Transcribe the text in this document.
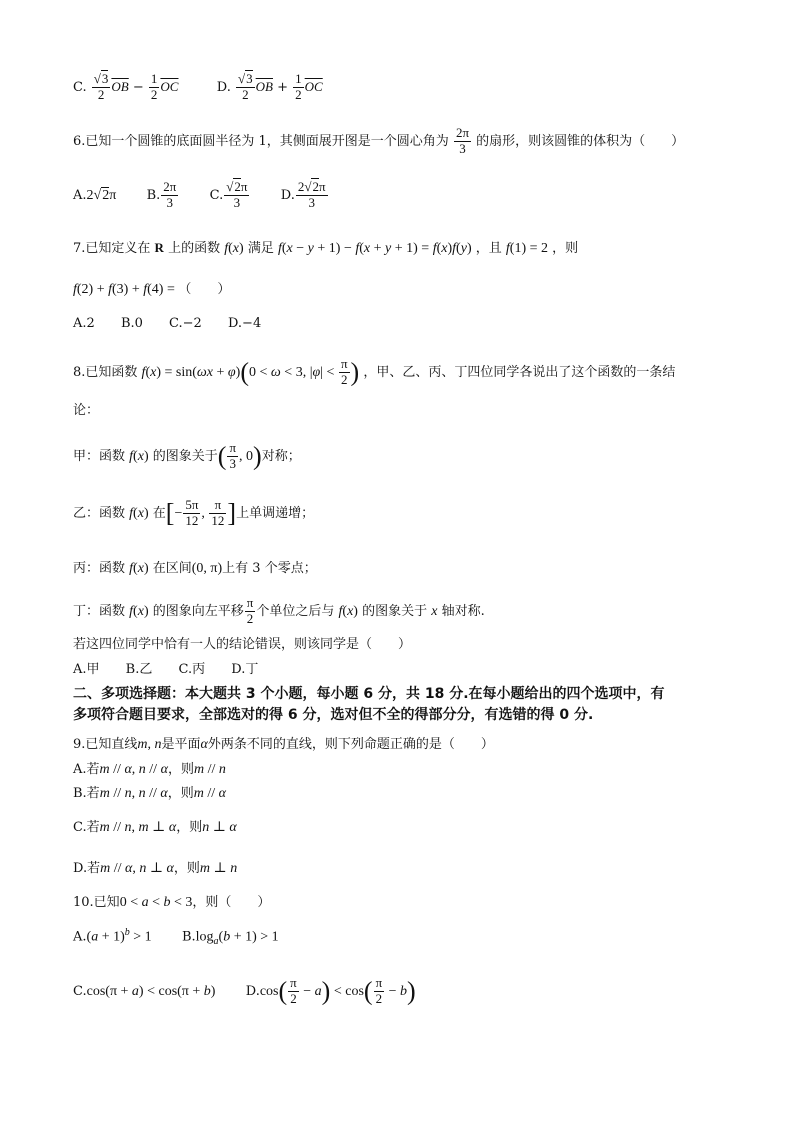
C. $\frac{√3}{2} \overline{OB} - \frac{1}{2} \overline{OC}$	D. $\frac{√3}{2} \overline{OB} + \frac{1}{2} \overline{OC}$
6.已知一个圆锥的底面圆半径为 1，其侧面展开图是一个圆心角为 $\frac{2\pi}{3}$ 的扇形，则该圆锥的体积为（　　）
A.2√2π B. $\frac{2\pi}{3} C$. $\frac{√2\pi}{3} D$. $\frac{2√2\pi}{3}$
7.已知定义在 R 上的函数 f(x) 满足 f(x − y + 1) − f(x + y + 1) = f(x)f(y) ，且 f(1) = 2 ，则
f(2) + f(3) + f(4) = （　　）
A.2 B.0 C.−2 D.−4
8.已知函数 f(x) = sin(ωx + φ)(0 < ω < 3, $|\varphi| < \frac{\pi}{2}$ ) ，甲、乙、丙、丁四位同学各说出了这个函数的一条结
论：
甲：函数 f(x) 的图象关于( $\frac{\pi}{3}$ , 0)对称；
乙：函数 f(x) 在[− $\frac{5\pi}{12}$ , $\frac{\pi}{12}$ ]上单调递增；
丙：函数 f(x) 在区间(0, π)上有 3 个零点；
丁：函数 f(x) 的图象向左平移 $\frac{\pi}{2}$ 个单位之后与 f(x) 的图象关于 x 轴对称.
若这四位同学中恰有一人的结论错误，则该同学是（　　）
A.甲 B.乙 C.丙 D.丁
二、多项选择题：本大题共 3 个小题，每小题 6 分，共 18 分.在每小题给出的四个选项中，有
多项符合题目要求，全部选对的得 6 分，选对但不全的得部分分，有选错的得 0 分.
9.已知直线m, n是平面α外两条不同的直线，则下列命题正确的是（　　）
A.若m // α, n // α，则m // n
B.若m // n, n // α，则m // α
C.若m // n, m ⊥ α，则n ⊥ α
D.若m // α, n ⊥ α，则m ⊥ n
10.已知0 < a < b < 3，则（　　）
$A.(a + 1)^b > 1$ $B.\log_a(b + 1) > 1$
C.cos(π + a) < cos(π + b) $D.\cos( \frac{\pi}{2} - a) < \cos( \frac{\pi}{2} - b)$
